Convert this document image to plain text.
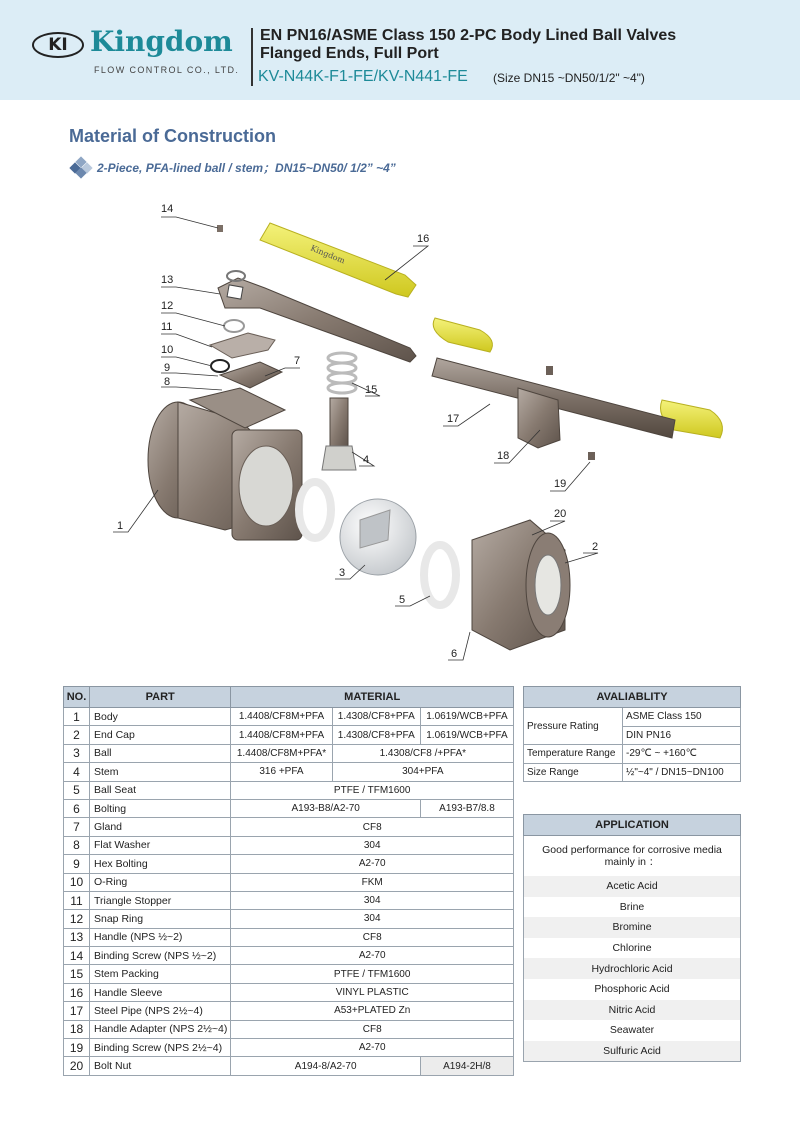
KI Kingdom
FLOW CONTROL CO., LTD.
EN PN16/ASME Class 150 2-PC Body Lined Ball Valves
Flanged Ends, Full Port
KV-N44K-F1-FE/KV-N441-FE (Size DN15 ~DN50/1/2" ~4")
Material of Construction
2-Piece, PFA-lined ball / stem；DN15~DN50/ 1/2” ~4”
Kingdom
14
16
13
12
11
10
9
8
7
15
17
4	18
19
20
2
1
3
5
6
NO.	PART	MATERIAL		
1	Body	1.4408/CF8M+PFA	1.4308/CF8+PFA	1.0619/WCB+PFA
2	End Cap	1.4408/CF8M+PFA	1.4308/CF8+PFA	1.0619/WCB+PFA
3	Ball	1.4408/CF8M+PFA*	1.4308/CF8 /+PFA*	
4	Stem	316 +PFA	304+PFA	
5	Ball Seat	PTFE / TFM1600		
6	Bolting	A193-B8/A2-70		A193-B7/8.8
7	Gland	CF8		
8	Flat Washer	304		
9	Hex Bolting	A2-70		
10	O-Ring	FKM		
11	Triangle Stopper	304		
12	Snap Ring	304		
13	Handle (NPS ½~2)	CF8		
14	Binding Screw (NPS ½~2)	A2-70		
15	Stem Packing	PTFE / TFM1600		
16	Handle Sleeve	VINYL PLASTIC		
17	Steel Pipe (NPS 2½~4)	A53+PLATED Zn		
18	Handle Adapter (NPS 2½~4)	CF8		
19	Binding Screw (NPS 2½~4)	A2-70		
20	Bolt Nut	A194-8/A2-70		A194-2H/8
AVALIABLITY	
Pressure Rating	ASME Class 150
	DIN PN16
Temperature Range	-29℃ ~ +160℃
Size Range	½"~4" / DN15~DN100
APPLICATION
Good performance for corrosive media mainly in ：
Acetic Acid
Brine
Bromine
Chlorine
Hydrochloric Acid
Phosphoric Acid
Nitric Acid
Seawater
Sulfuric Acid
